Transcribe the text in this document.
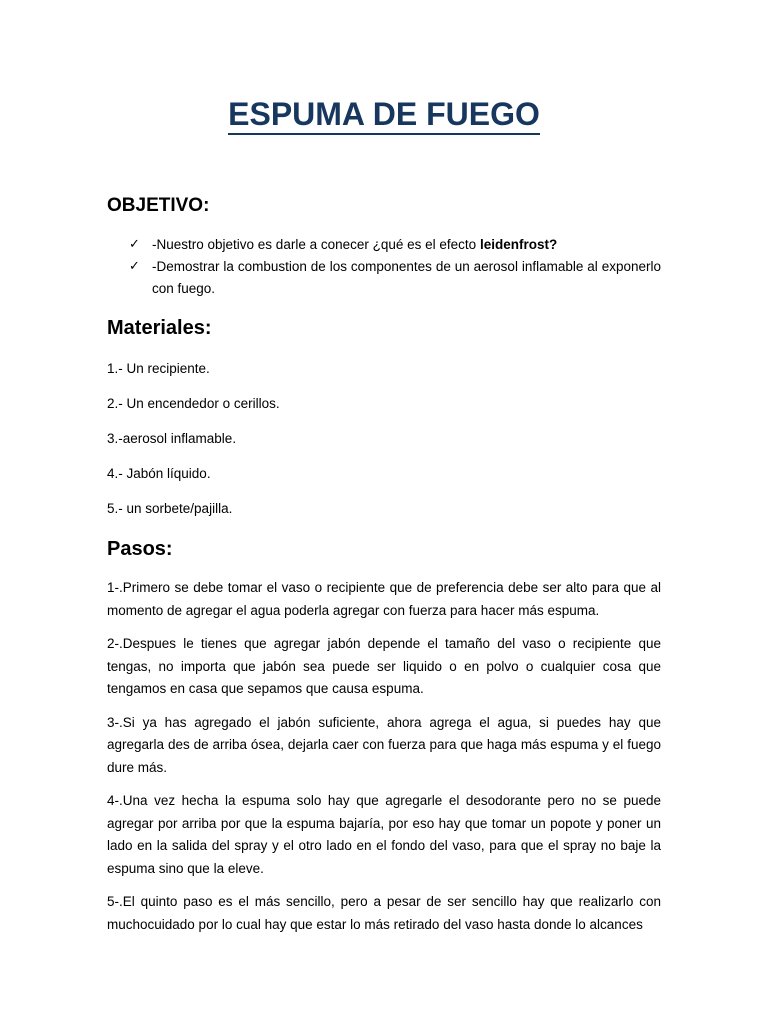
ESPUMA DE FUEGO
OBJETIVO:
✓ -Nuestro objetivo es darle a conecer ¿qué es el efecto leidenfrost?
✓ -Demostrar la combustion de los componentes de un aerosol inflamable al exponerlo con fuego.
Materiales:
1.- Un recipiente.
2.- Un encendedor o cerillos.
3.-aerosol inflamable.
4.- Jabón líquido.
5.- un sorbete/pajilla.
Pasos:
1-.Primero se debe tomar el vaso o recipiente que de preferencia debe ser alto para que al momento de agregar el agua poderla agregar con fuerza para hacer más espuma.
2-.Despues le tienes que agregar jabón depende el tamaño del vaso o recipiente que tengas, no importa que jabón sea puede ser liquido o en polvo o cualquier cosa que tengamos en casa que sepamos que causa espuma.
3-.Si ya has agregado el jabón suficiente, ahora agrega el agua, si puedes hay que agregarla des de arriba ósea, dejarla caer con fuerza para que haga más espuma y el fuego dure más.
4-.Una vez hecha la espuma solo hay que agregarle el desodorante pero no se puede agregar por arriba por que la espuma bajaría, por eso hay que tomar un popote y poner un lado en la salida del spray y el otro lado en el fondo del vaso, para que el spray no baje la espuma sino que la eleve.
5-.El quinto paso es el más sencillo, pero a pesar de ser sencillo hay que realizarlo con muchocuidado por lo cual hay que estar lo más retirado del vaso hasta donde lo alcances
